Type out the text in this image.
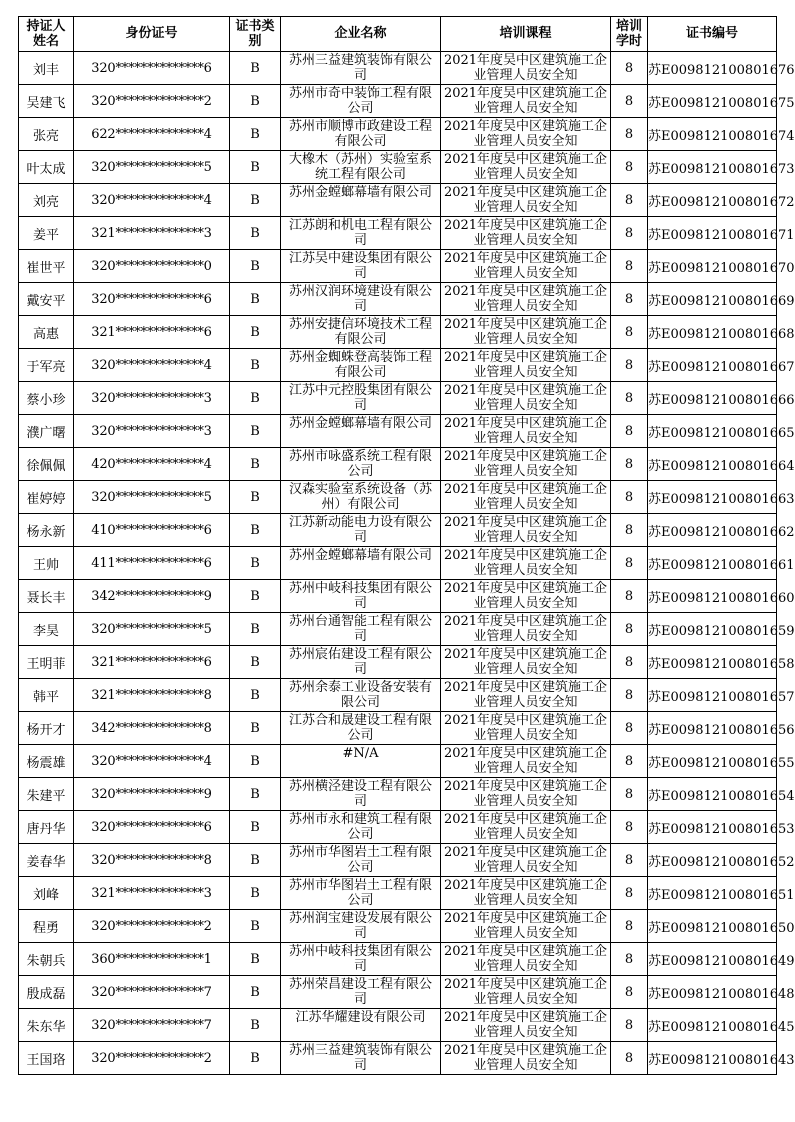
持证人姓名	身份证号	证书类别	企业名称	培训课程	培训学时	证书编号
刘丰	320**************6	B	苏州三益建筑装饰有限公司	2021年度吴中区建筑施工企业管理人员安全知	8	苏E009812100801676
吴建飞	320**************2	B	苏州市奇中装饰工程有限公司	2021年度吴中区建筑施工企业管理人员安全知	8	苏E009812100801675
张亮	622**************4	B	苏州市顺博市政建设工程有限公司	2021年度吴中区建筑施工企业管理人员安全知	8	苏E009812100801674
叶太成	320**************5	B	大橡木（苏州）实验室系统工程有限公司	2021年度吴中区建筑施工企业管理人员安全知	8	苏E009812100801673
刘亮	320**************4	B	苏州金螳螂幕墙有限公司	2021年度吴中区建筑施工企业管理人员安全知	8	苏E009812100801672
姜平	321**************3	B	江苏朗和机电工程有限公司	2021年度吴中区建筑施工企业管理人员安全知	8	苏E009812100801671
崔世平	320**************0	B	江苏吴中建设集团有限公司	2021年度吴中区建筑施工企业管理人员安全知	8	苏E009812100801670
戴安平	320**************6	B	苏州汉润环境建设有限公司	2021年度吴中区建筑施工企业管理人员安全知	8	苏E009812100801669
高惠	321**************6	B	苏州安捷信环境技术工程有限公司	2021年度吴中区建筑施工企业管理人员安全知	8	苏E009812100801668
于军亮	320**************4	B	苏州金蜘蛛登高装饰工程有限公司	2021年度吴中区建筑施工企业管理人员安全知	8	苏E009812100801667
蔡小珍	320**************3	B	江苏中元控股集团有限公司	2021年度吴中区建筑施工企业管理人员安全知	8	苏E009812100801666
濮广曙	320**************3	B	苏州金螳螂幕墙有限公司	2021年度吴中区建筑施工企业管理人员安全知	8	苏E009812100801665
徐佩佩	420**************4	B	苏州市咏盛系统工程有限公司	2021年度吴中区建筑施工企业管理人员安全知	8	苏E009812100801664
崔婷婷	320**************5	B	汉森实验室系统设备（苏州）有限公司	2021年度吴中区建筑施工企业管理人员安全知	8	苏E009812100801663
杨永新	410**************6	B	江苏新动能电力设有限公司	2021年度吴中区建筑施工企业管理人员安全知	8	苏E009812100801662
王帅	411**************6	B	苏州金螳螂幕墙有限公司	2021年度吴中区建筑施工企业管理人员安全知	8	苏E009812100801661
聂长丰	342**************9	B	苏州中岐科技集团有限公司	2021年度吴中区建筑施工企业管理人员安全知	8	苏E009812100801660
李昊	320**************5	B	苏州台通智能工程有限公司	2021年度吴中区建筑施工企业管理人员安全知	8	苏E009812100801659
王明菲	321**************6	B	苏州宸佑建设工程有限公司	2021年度吴中区建筑施工企业管理人员安全知	8	苏E009812100801658
韩平	321**************8	B	苏州余泰工业设备安装有限公司	2021年度吴中区建筑施工企业管理人员安全知	8	苏E009812100801657
杨开才	342**************8	B	江苏合和晟建设工程有限公司	2021年度吴中区建筑施工企业管理人员安全知	8	苏E009812100801656
杨震雄	320**************4	B	#N/A	2021年度吴中区建筑施工企业管理人员安全知	8	苏E009812100801655
朱建平	320**************9	B	苏州横泾建设工程有限公司	2021年度吴中区建筑施工企业管理人员安全知	8	苏E009812100801654
唐丹华	320**************6	B	苏州市永和建筑工程有限公司	2021年度吴中区建筑施工企业管理人员安全知	8	苏E009812100801653
姜春华	320**************8	B	苏州市华图岩土工程有限公司	2021年度吴中区建筑施工企业管理人员安全知	8	苏E009812100801652
刘峰	321**************3	B	苏州市华图岩土工程有限公司	2021年度吴中区建筑施工企业管理人员安全知	8	苏E009812100801651
程勇	320**************2	B	苏州润宝建设发展有限公司	2021年度吴中区建筑施工企业管理人员安全知	8	苏E009812100801650
朱朝兵	360**************1	B	苏州中岐科技集团有限公司	2021年度吴中区建筑施工企业管理人员安全知	8	苏E009812100801649
殷成磊	320**************7	B	苏州荣昌建设工程有限公司	2021年度吴中区建筑施工企业管理人员安全知	8	苏E009812100801648
朱东华	320**************7	B	江苏华耀建设有限公司	2021年度吴中区建筑施工企业管理人员安全知	8	苏E009812100801645
王国珞	320**************2	B	苏州三益建筑装饰有限公司	2021年度吴中区建筑施工企业管理人员安全知	8	苏E009812100801643
